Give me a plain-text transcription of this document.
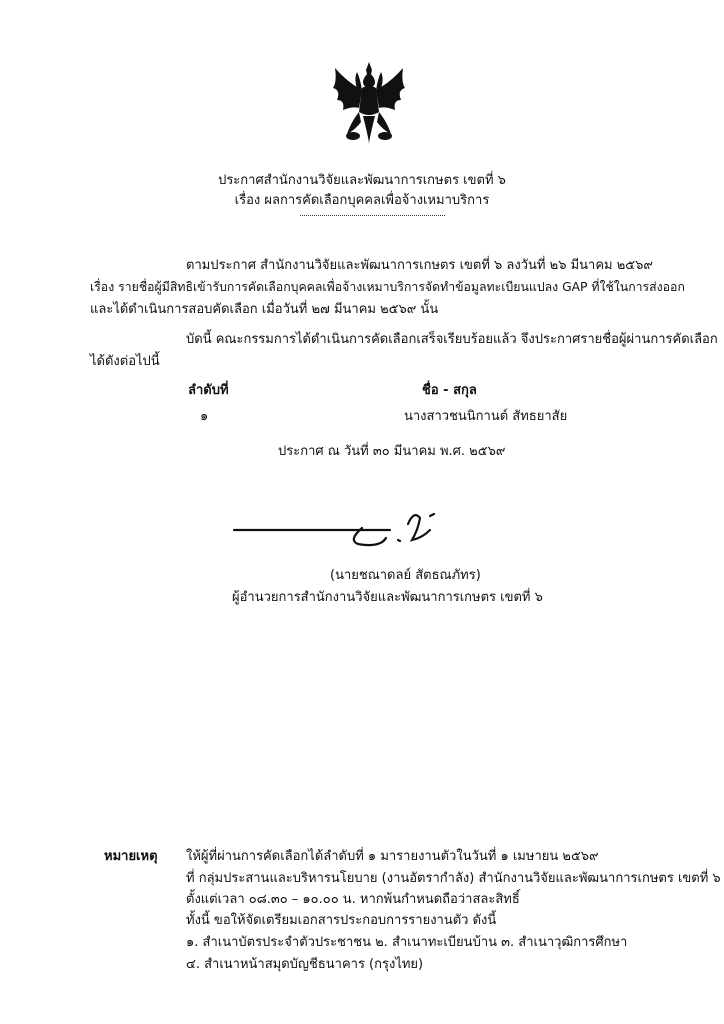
ประกาศสำนักงานวิจัยและพัฒนาการเกษตร เขตที่ ๖
เรื่อง ผลการคัดเลือกบุคคลเพื่อจ้างเหมาบริการ
ตามประกาศ สำนักงานวิจัยและพัฒนาการเกษตร เขตที่ ๖ ลงวันที่ ๒๖ มีนาคม ๒๕๖๙
เรื่อง รายชื่อผู้มีสิทธิเข้ารับการคัดเลือกบุคคลเพื่อจ้างเหมาบริการจัดทำข้อมูลทะเบียนแปลง GAP ที่ใช้ในการส่งออก
และได้ดำเนินการสอบคัดเลือก เมื่อวันที่ ๒๗ มีนาคม ๒๕๖๙ นั้น
บัดนี้ คณะกรรมการได้ดำเนินการคัดเลือกเสร็จเรียบร้อยแล้ว จึงประกาศรายชื่อผู้ผ่านการคัดเลือก
ได้ดังต่อไปนี้
ลำดับที่	ชื่อ - สกุล
๑	นางสาวชนนิกานต์ สัทธยาสัย
ประกาศ ณ วันที่ ๓๐ มีนาคม พ.ศ. ๒๕๖๙
(นายชณาดลย์ สัตธณภัทร)
ผู้อำนวยการสำนักงานวิจัยและพัฒนาการเกษตร เขตที่ ๖
หมายเหตุ ให้ผู้ที่ผ่านการคัดเลือกได้ลำดับที่ ๑ มารายงานตัวในวันที่ ๑ เมษายน ๒๕๖๙
ที่ กลุ่มประสานและบริหารนโยบาย (งานอัตรากำลัง) สำนักงานวิจัยและพัฒนาการเกษตร เขตที่ ๖
ตั้งแต่เวลา ๐๘.๓๐ – ๑๐.๐๐ น. หากพ้นกำหนดถือว่าสละสิทธิ์
ทั้งนี้ ขอให้จัดเตรียมเอกสารประกอบการรายงานตัว ดังนี้
๑. สำเนาบัตรประจำตัวประชาชน ๒. สำเนาทะเบียนบ้าน ๓. สำเนาวุฒิการศึกษา
๔. สำเนาหน้าสมุดบัญชีธนาคาร (กรุงไทย)
